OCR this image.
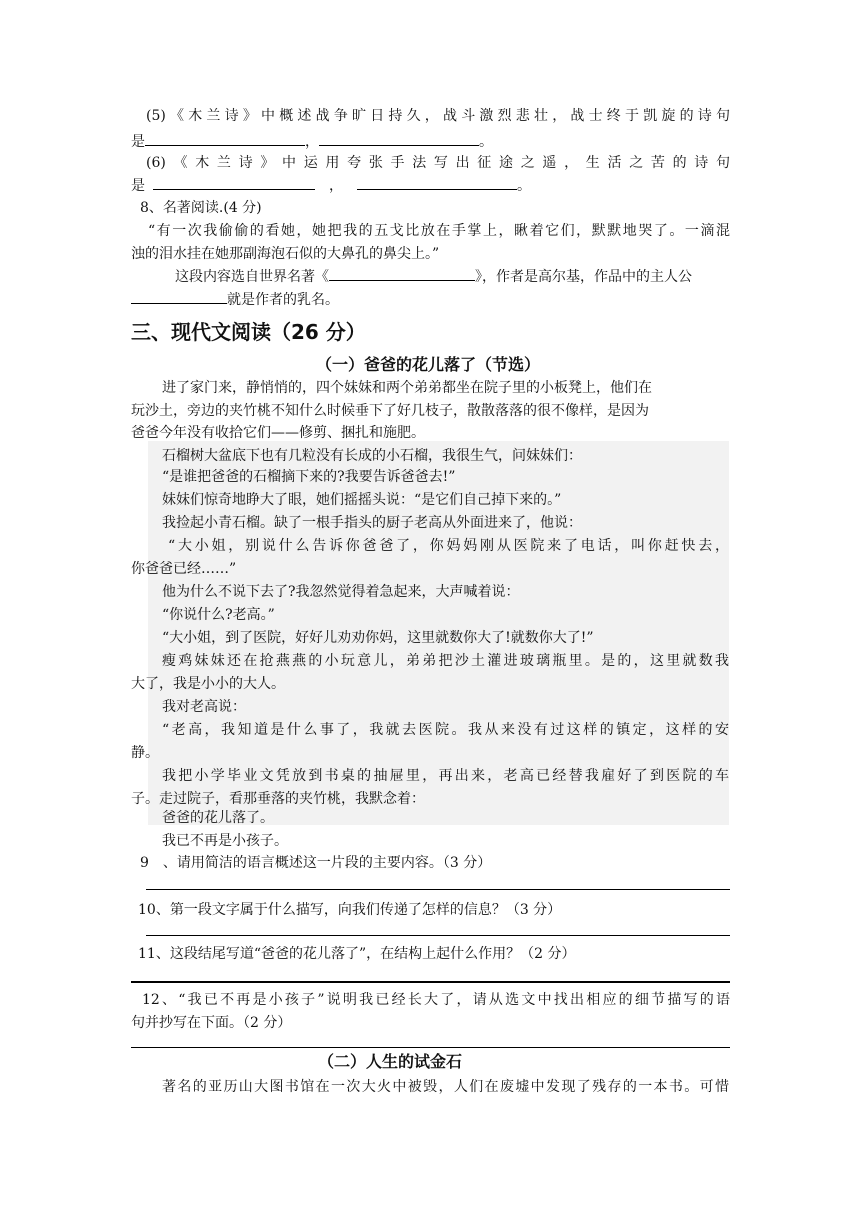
(5)《木兰诗》中概述战争旷日持久，战斗激烈悲壮，战士终于凯旋的诗句
是	，	。
(6)《木兰诗》中运用夸张手法写出征途之遥，生活之苦的诗句
是	，	。
8、名著阅读.(4 分)
“有一次我偷偷的看她，她把我的五戈比放在手掌上，瞅着它们，默默地哭了。一滴混
浊的泪水挂在她那副海泡石似的大鼻孔的鼻尖上。”
这段内容选自世界名著《	》，作者是高尔基，作品中的主人公
就是作者的乳名。
三、现代文阅读（26 分）
（一）爸爸的花儿落了（节选）
进了家门来，静悄悄的，四个妹妹和两个弟弟都坐在院子里的小板凳上，他们在
玩沙土，旁边的夹竹桃不知什么时候垂下了好几枝子，散散落落的很不像样，是因为
爸爸今年没有收拾它们——修剪、捆扎和施肥。
石榴树大盆底下也有几粒没有长成的小石榴，我很生气，问妹妹们：
“是谁把爸爸的石榴摘下来的?我要告诉爸爸去!”
妹妹们惊奇地睁大了眼，她们摇摇头说：“是它们自己掉下来的。”
我捡起小青石榴。缺了一根手指头的厨子老高从外面进来了，他说：
“大小姐，别说什么告诉你爸爸了，你妈妈刚从医院来了电话，叫你赶快去，
你爸爸已经……”
他为什么不说下去了?我忽然觉得着急起来，大声喊着说：
“你说什么?老高。”
“大小姐，到了医院，好好儿劝劝你妈，这里就数你大了!就数你大了!”
瘦鸡妹妹还在抢燕燕的小玩意儿，弟弟把沙土灌进玻璃瓶里。是的，这里就数我
大了，我是小小的大人。
我对老高说：
“老高，我知道是什么事了，我就去医院。我从来没有过这样的镇定，这样的安
静。
我把小学毕业文凭放到书桌的抽屉里，再出来，老高已经替我雇好了到医院的车
子。走过院子，看那垂落的夹竹桃，我默念着：
爸爸的花儿落了。
我已不再是小孩子。
9　、请用简洁的语言概述这一片段的主要内容。（3 分）
10、第一段文字属于什么描写，向我们传递了怎样的信息？（3 分）
11、这段结尾写道“爸爸的花儿落了”，在结构上起什么作用？（2 分）
12、“我已不再是小孩子”说明我已经长大了，请从选文中找出相应的细节描写的语
句并抄写在下面。（2 分）
（二）人生的试金石
著名的亚历山大图书馆在一次大火中被毁，人们在废墟中发现了残存的一本书。可惜
